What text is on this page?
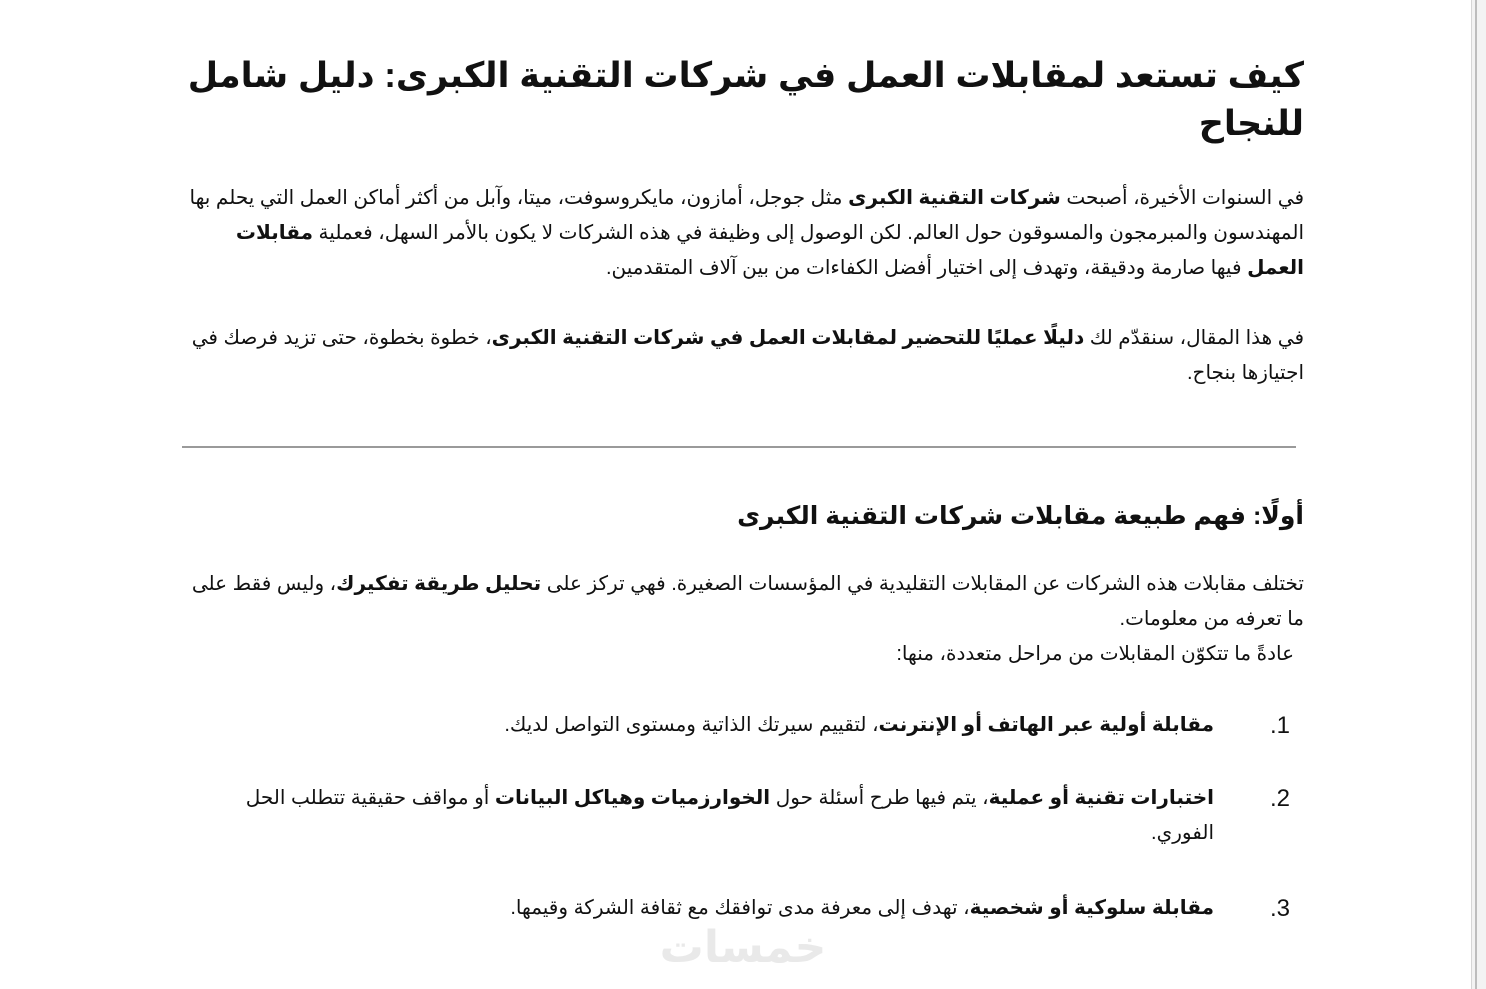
كيف تستعد لمقابلات العمل في شركات التقنية الكبرى: دليل شامل للنجاح

في السنوات الأخيرة، أصبحت شركات التقنية الكبرى مثل جوجل، أمازون، مايكروسوفت، ميتا، وآبل من أكثر أماكن العمل التي يحلم بها المهندسون والمبرمجون والمسوقون حول العالم. لكن الوصول إلى وظيفة في هذه الشركات لا يكون بالأمر السهل، فعملية مقابلات العمل فيها صارمة ودقيقة، وتهدف إلى اختيار أفضل الكفاءات من بين آلاف المتقدمين.

في هذا المقال، سنقدّم لك دليلًا عمليًا للتحضير لمقابلات العمل في شركات التقنية الكبرى، خطوة بخطوة، حتى تزيد فرصك في اجتيازها بنجاح.

أولًا: فهم طبيعة مقابلات شركات التقنية الكبرى

تختلف مقابلات هذه الشركات عن المقابلات التقليدية في المؤسسات الصغيرة. فهي تركز على تحليل طريقة تفكيرك، وليس فقط على ما تعرفه من معلومات.
عادةً ما تتكوّن المقابلات من مراحل متعددة، منها:

1.
مقابلة أولية عبر الهاتف أو الإنترنت، لتقييم سيرتك الذاتية ومستوى التواصل لديك.
2.
اختبارات تقنية أو عملية، يتم فيها طرح أسئلة حول الخوارزميات وهياكل البيانات أو مواقف حقيقية تتطلب الحل الفوري.
3.
مقابلة سلوكية أو شخصية، تهدف إلى معرفة مدى توافقك مع ثقافة الشركة وقيمها.
خمسات
